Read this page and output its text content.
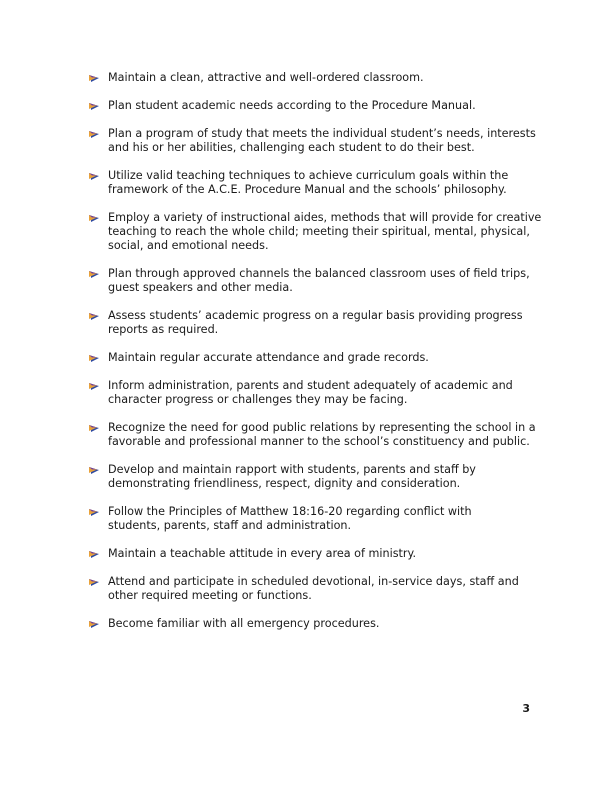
Maintain a clean, attractive and well-ordered classroom.
Plan student academic needs according to the Procedure Manual.
Plan a program of study that meets the individual student’s needs, interests
and his or her abilities, challenging each student to do their best.
Utilize valid teaching techniques to achieve curriculum goals within the
framework of the A.C.E. Procedure Manual and the schools’ philosophy.
Employ a variety of instructional aides, methods that will provide for creative
teaching to reach the whole child; meeting their spiritual, mental, physical,
social, and emotional needs.
Plan through approved channels the balanced classroom uses of field trips,
guest speakers and other media.
Assess students’ academic progress on a regular basis providing progress
reports as required.
Maintain regular accurate attendance and grade records.
Inform administration, parents and student adequately of academic and
character progress or challenges they may be facing.
Recognize the need for good public relations by representing the school in a
favorable and professional manner to the school’s constituency and public.
Develop and maintain rapport with students, parents and staff by
demonstrating friendliness, respect, dignity and consideration.
Follow the Principles of Matthew 18:16-20 regarding conflict with
students, parents, staff and administration.
Maintain a teachable attitude in every area of ministry.
Attend and participate in scheduled devotional, in-service days, staff and
other required meeting or functions.
Become familiar with all emergency procedures.
3
